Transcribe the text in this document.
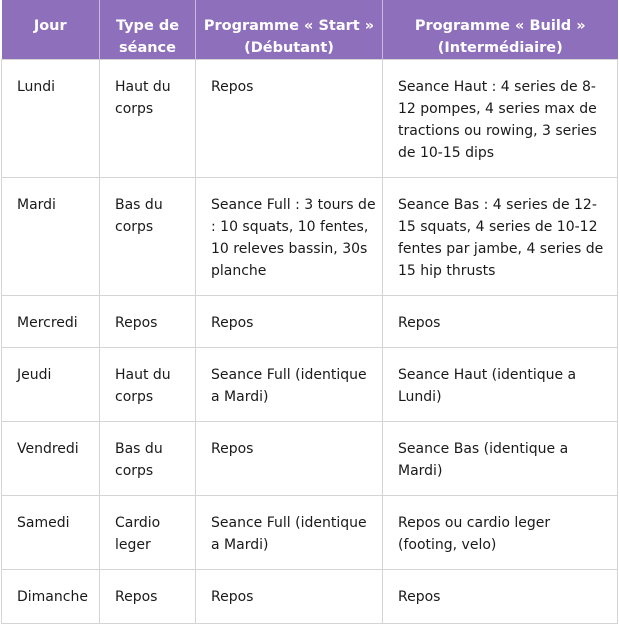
Jour	Type de séance	Programme « Start » (Débutant)	Programme « Build » (Intermédiaire)
Lundi	Haut du corps	Repos	Seance Haut : 4 series de 8-12 pompes, 4 series max de tractions ou rowing, 3 series de 10-15 dips
Mardi	Bas du corps	Seance Full : 3 tours de : 10 squats, 10 fentes, 10 releves bassin, 30s planche	Seance Bas : 4 series de 12-15 squats, 4 series de 10-12 fentes par jambe, 4 series de 15 hip thrusts
Mercredi	Repos	Repos	Repos
Jeudi	Haut du corps	Seance Full (identique a Mardi)	Seance Haut (identique a Lundi)
Vendredi	Bas du corps	Repos	Seance Bas (identique a Mardi)
Samedi	Cardio leger	Seance Full (identique a Mardi)	Repos ou cardio leger (footing, velo)
Dimanche	Repos	Repos	Repos
